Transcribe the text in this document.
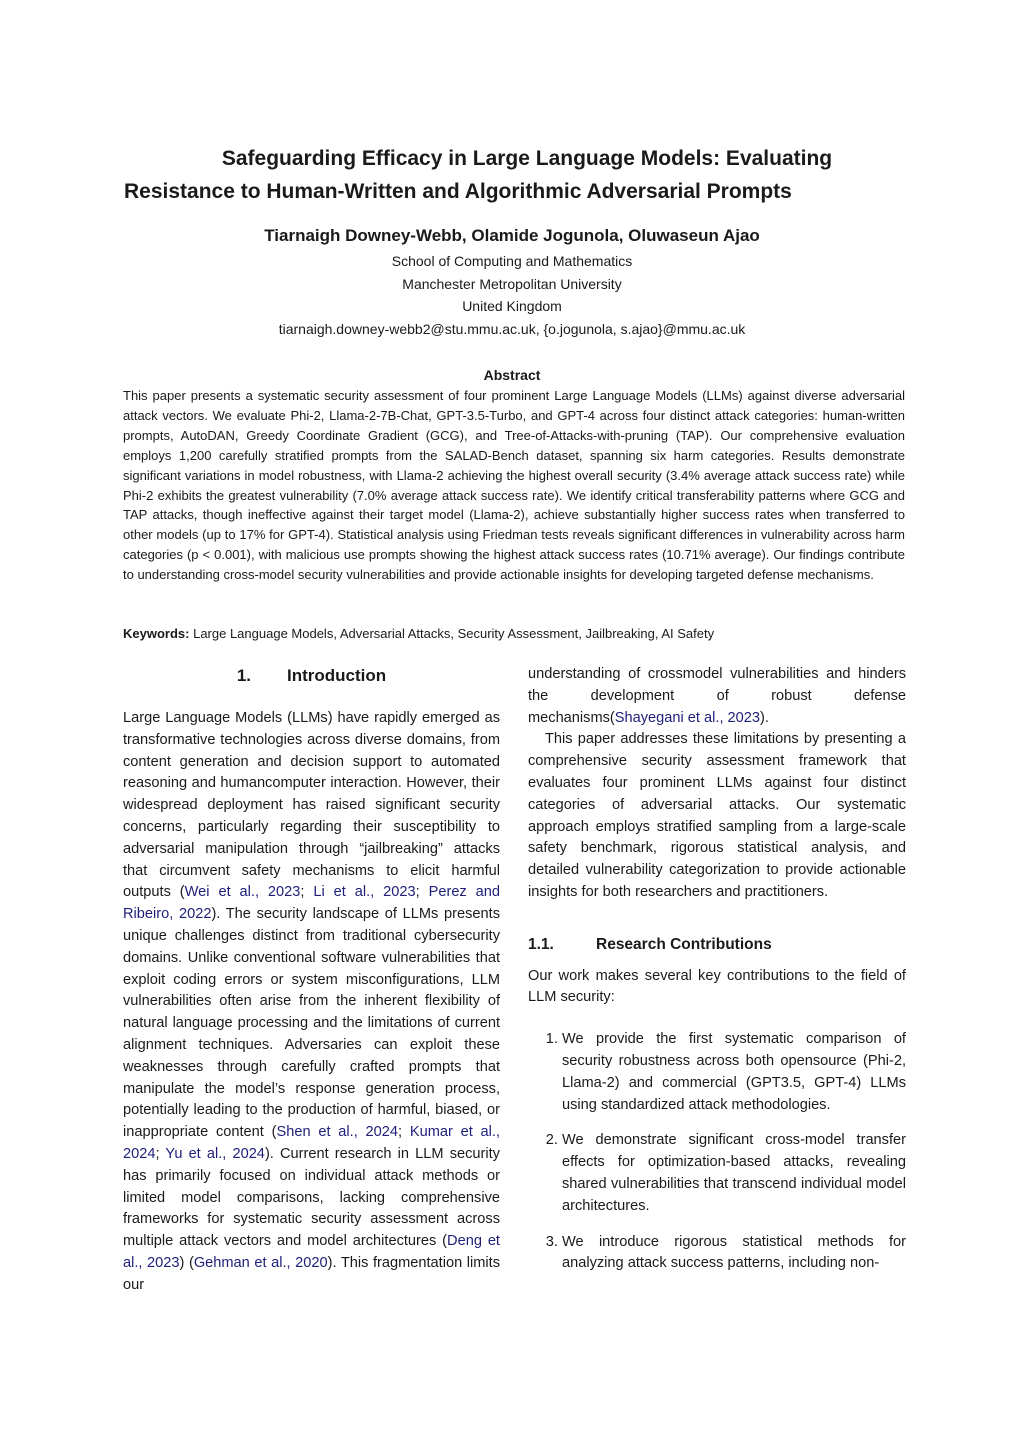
Safeguarding Efficacy in Large Language Models: Evaluating
Resistance to Human-Written and Algorithmic Adversarial Prompts
Tiarnaigh Downey-Webb, Olamide Jogunola, Oluwaseun Ajao
School of Computing and Mathematics
Manchester Metropolitan University
United Kingdom
tiarnaigh.downey-webb2@stu.mmu.ac.uk, {o.jogunola, s.ajao}@mmu.ac.uk
Abstract
This paper presents a systematic security assessment of four prominent Large Language Models (LLMs) against diverse adversarial attack vectors. We evaluate Phi-2, Llama-2-7B-Chat, GPT-3.5-Turbo, and GPT-4 across four distinct attack categories: human-written prompts, AutoDAN, Greedy Coordinate Gradient (GCG), and Tree-of-Attacks-with-pruning (TAP). Our comprehensive evaluation employs 1,200 carefully stratified prompts from the SALAD-Bench dataset, spanning six harm categories. Results demonstrate significant variations in model robustness, with Llama-2 achieving the highest overall security (3.4% average attack success rate) while Phi-2 exhibits the greatest vulnerability (7.0% average attack success rate). We identify critical transferability patterns where GCG and TAP attacks, though ineffective against their target model (Llama-2), achieve substantially higher success rates when transferred to other models (up to 17% for GPT-4). Statistical analysis using Friedman tests reveals significant differences in vulnerability across harm categories (p < 0.001), with malicious use prompts showing the highest attack success rates (10.71% average). Our findings contribute to understanding cross-model security vulnerabilities and provide actionable insights for developing targeted defense mechanisms.
Keywords: Large Language Models, Adversarial Attacks, Security Assessment, Jailbreaking, AI Safety
1. Introduction

Large Language Models (LLMs) have rapidly emerged as transformative technologies across diverse domains, from content generation and decision support to automated reasoning and humancomputer interaction. However, their widespread deployment has raised significant security concerns, particularly regarding their susceptibility to adversarial manipulation through “jailbreaking” attacks that circumvent safety mechanisms to elicit harmful outputs (Wei et al., 2023; Li et al., 2023; Perez and Ribeiro, 2022). The security landscape of LLMs presents unique challenges distinct from traditional cybersecurity domains. Unlike conventional software vulnerabilities that exploit coding errors or system misconfigurations, LLM vulnerabilities often arise from the inherent flexibility of natural language processing and the limitations of current alignment techniques. Adversaries can exploit these weaknesses through carefully crafted prompts that manipulate the model’s response generation process, potentially leading to the production of harmful, biased, or inappropriate content (Shen et al., 2024; Kumar et al., 2024; Yu et al., 2024). Current research in LLM security has primarily focused on individual attack methods or limited model comparisons, lacking comprehensive frameworks for systematic security assessment across multiple attack vectors and model architectures (Deng et al., 2023) (Gehman et al., 2020). This fragmentation limits our

understanding of crossmodel vulnerabilities and hinders the development of robust defense mechanisms(Shayegani et al., 2023).

This paper addresses these limitations by presenting a comprehensive security assessment framework that evaluates four prominent LLMs against four distinct categories of adversarial attacks. Our systematic approach employs stratified sampling from a large-scale safety benchmark, rigorous statistical analysis, and detailed vulnerability categorization to provide actionable insights for both researchers and practitioners.

1.1.	Research Contributions

Our work makes several key contributions to the field of LLM security:

1. We provide the first systematic comparison of security robustness across both opensource (Phi-2, Llama-2) and commercial (GPT3.5, GPT-4) LLMs using standardized attack methodologies.
2. We demonstrate significant cross-model transfer effects for optimization-based attacks, revealing shared vulnerabilities that transcend individual model architectures.
3. We introduce rigorous statistical methods for analyzing attack success patterns, including non-
